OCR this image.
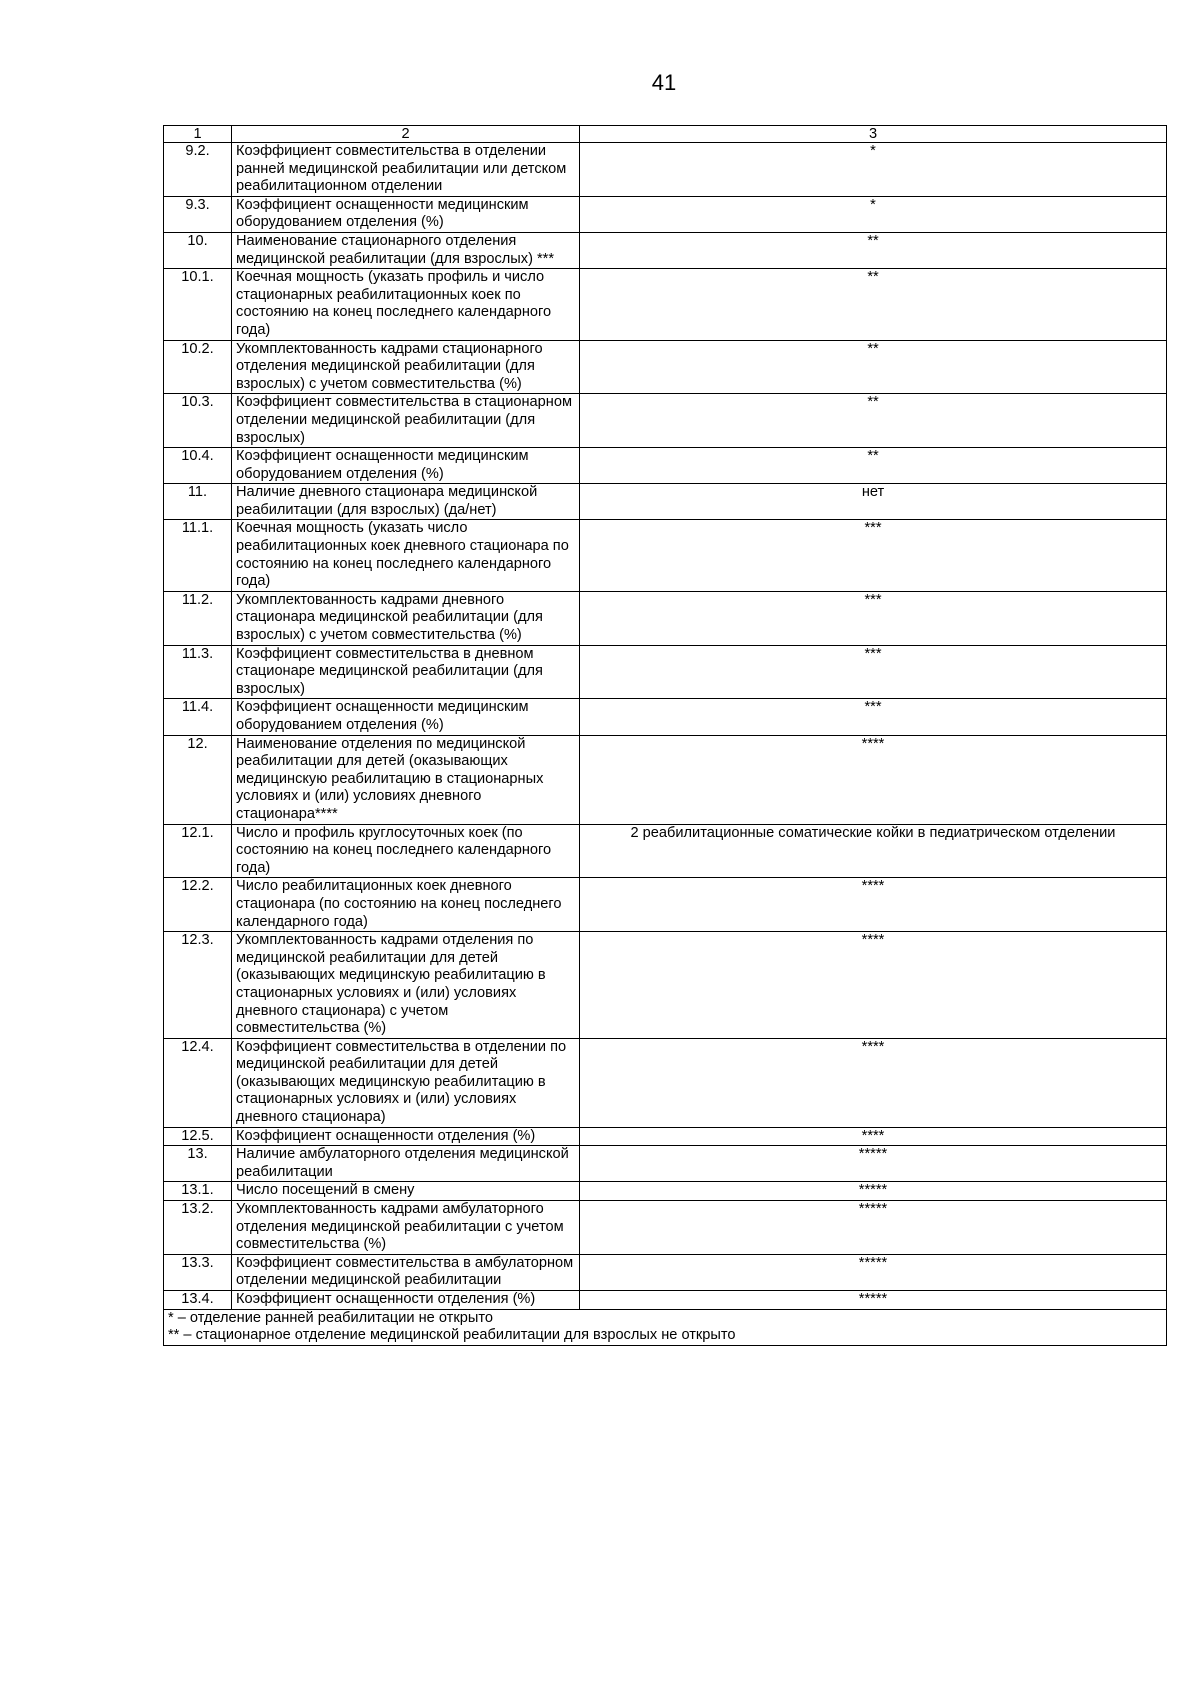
41
1	2	3
9.2.	Коэффициент совместительства в отделении ранней медицинской реабилитации или детском реабилитационном отделении	*
9.3.	Коэффициент оснащенности медицинским оборудованием отделения (%)	*
10.	Наименование стационарного отделения медицинской реабилитации (для взрослых) ***	**
10.1.	Коечная мощность (указать профиль и число стационарных реабилитационных коек по состоянию на конец последнего календарного года)	**
10.2.	Укомплектованность кадрами стационарного отделения медицинской реабилитации (для взрослых) с учетом совместительства (%)	**
10.3.	Коэффициент совместительства в стационарном отделении медицинской реабилитации (для взрослых)	**
10.4.	Коэффициент оснащенности медицинским оборудованием отделения (%)	**
11.	Наличие дневного стационара медицинской реабилитации (для взрослых) (да/нет)	нет
11.1.	Коечная мощность (указать число реабилитационных коек дневного стационара по состоянию на конец последнего календарного года)	***
11.2.	Укомплектованность кадрами дневного стационара медицинской реабилитации (для взрослых) с учетом совместительства (%)	***
11.3.	Коэффициент совместительства в дневном стационаре медицинской реабилитации (для взрослых)	***
11.4.	Коэффициент оснащенности медицинским оборудованием отделения (%)	***
12.	Наименование отделения по медицинской реабилитации для детей (оказывающих медицинскую реабилитацию в стационарных условиях и (или) условиях дневного стационара****	****
12.1.	Число и профиль круглосуточных коек (по состоянию на конец последнего календарного года)	2 реабилитационные соматические койки в педиатрическом отделении
12.2.	Число реабилитационных коек дневного стационара (по состоянию на конец последнего календарного года)	****
12.3.	Укомплектованность кадрами отделения по медицинской реабилитации для детей (оказывающих медицинскую реабилитацию в стационарных условиях и (или) условиях дневного стационара) с учетом совместительства (%)	****
12.4.	Коэффициент совместительства в отделении по медицинской реабилитации для детей (оказывающих медицинскую реабилитацию в стационарных условиях и (или) условиях дневного стационара)	****
12.5.	Коэффициент оснащенности отделения (%)	****
13.	Наличие амбулаторного отделения медицинской реабилитации	*****
13.1.	Число посещений в смену	*****
13.2.	Укомплектованность кадрами амбулаторного отделения медицинской реабилитации с учетом совместительства (%)	*****
13.3.	Коэффициент совместительства в амбулаторном отделении медицинской реабилитации	*****
13.4.	Коэффициент оснащенности отделения (%)	*****

* – отделение ранней реабилитации не открыто
** – стационарное отделение медицинской реабилитации для взрослых не открыто		
